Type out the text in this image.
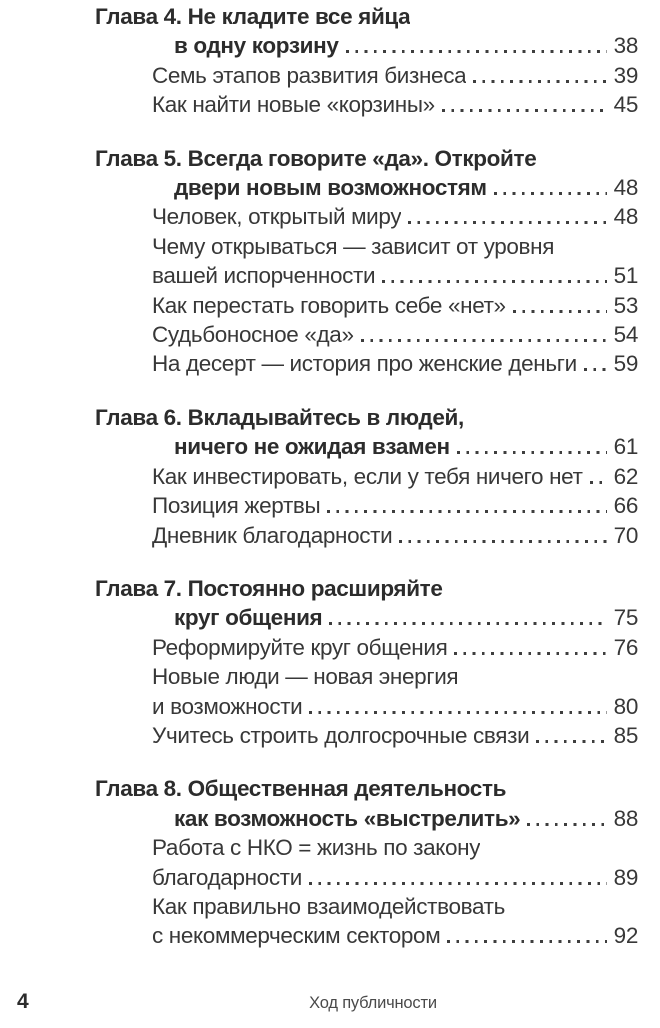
Глава 4. Не кладите все яйца
в одну корзину	38
Семь этапов развития бизнеса	39
Как найти новые «корзины»	45
Глава 5. Всегда говорите «да». Откройте
двери новым возможностям	48
Человек, открытый миру	48
Чему открываться — зависит от уровня
вашей испорченности	51
Как перестать говорить себе «нет»	53
Судьбоносное «да»	54
На десерт — история про женские деньги 59
Глава 6. Вкладывайтесь в людей,
ничего не ожидая взамен	61
Как инвестировать, если у тебя ничего нет 62
Позиция жертвы	66
Дневник благодарности	70
Глава 7. Постоянно расширяйте
круг общения	75
Реформируйте круг общения	76
Новые люди — новая энергия
и возможности	80
Учитесь строить долгосрочные связи	85
Глава 8. Общественная деятельность
как возможность «выстрелить»	88
Работа с НКО = жизнь по закону
благодарности	89
Как правильно взаимодействовать
с некоммерческим сектором	92
4	Ход публичности
